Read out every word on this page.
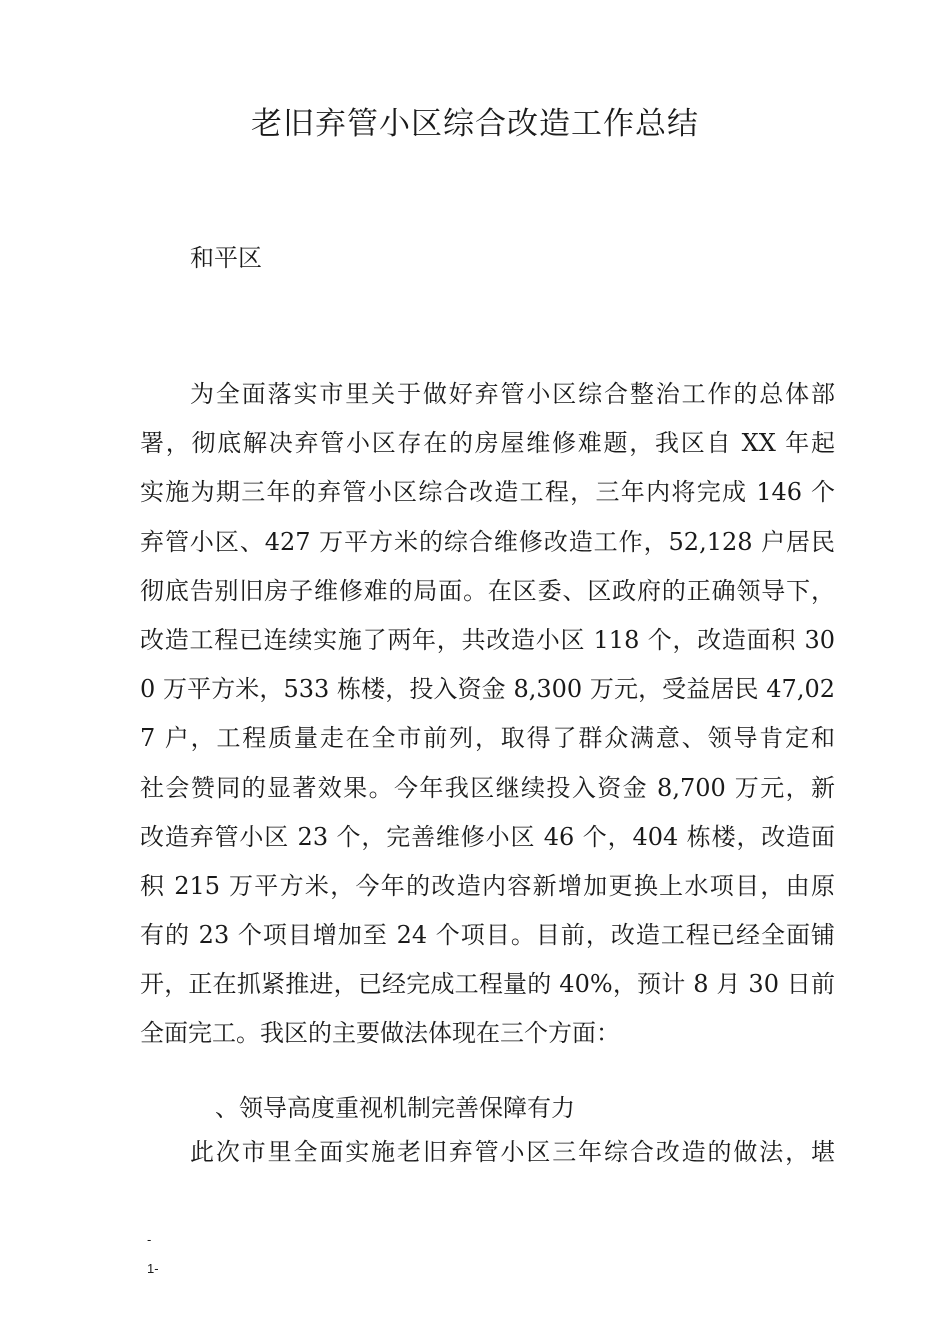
老旧弃管小区综合改造工作总结

和平区

为全面落实市里关于做好弃管小区综合整治工作的总体部
署，彻底解决弃管小区存在的房屋维修难题，我区自 XX 年起
实施为期三年的弃管小区综合改造工程，三年内将完成 146 个
弃管小区、427 万平方米的综合维修改造工作，52,128 户居民
彻底告别旧房子维修难的局面。在区委、区政府的正确领导下，
改造工程已连续实施了两年，共改造小区 118 个，改造面积 30
0 万平方米，533 栋楼，投入资金 8,300 万元，受益居民 47,02
7 户，工程质量走在全市前列，取得了群众满意、领导肯定和
社会赞同的显著效果。今年我区继续投入资金 8,700 万元，新
改造弃管小区 23 个，完善维修小区 46 个，404 栋楼，改造面
积 215 万平方米，今年的改造内容新增加更换上水项目，由原
有的 23 个项目增加至 24 个项目。目前，改造工程已经全面铺
开，正在抓紧推进，已经完成工程量的 40%，预计 8 月 30 日前
全面完工。我区的主要做法体现在三个方面：

、领导高度重视机制完善保障有力

此次市里全面实施老旧弃管小区三年综合改造的做法，堪

-
1-
